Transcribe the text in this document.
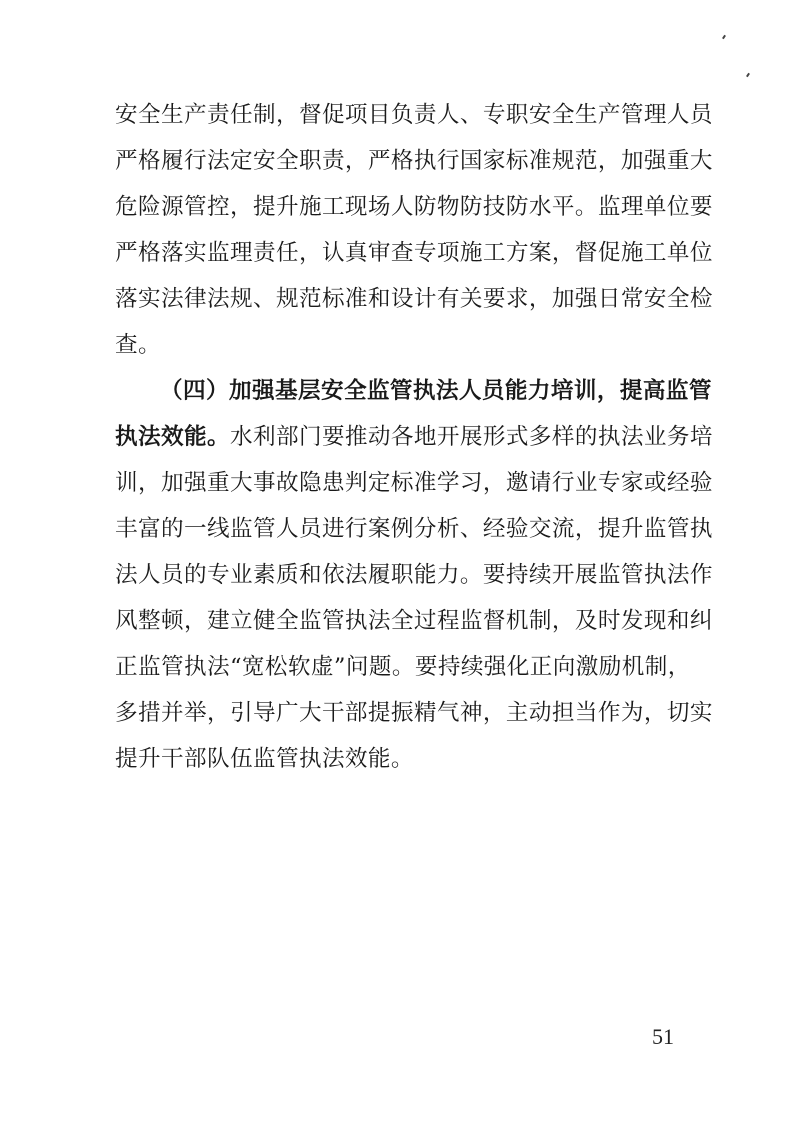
安全生产责任制，督促项目负责人、专职安全生产管理人员
严格履行法定安全职责，严格执行国家标准规范，加强重大
危险源管控，提升施工现场人防物防技防水平。监理单位要
严格落实监理责任，认真审查专项施工方案，督促施工单位
落实法律法规、规范标准和设计有关要求，加强日常安全检
查。
（四）加强基层安全监管执法人员能力培训，提高监管
执法效能。水利部门要推动各地开展形式多样的执法业务培
训，加强重大事故隐患判定标准学习，邀请行业专家或经验
丰富的一线监管人员进行案例分析、经验交流，提升监管执
法人员的专业素质和依法履职能力。要持续开展监管执法作
风整顿，建立健全监管执法全过程监督机制，及时发现和纠
正监管执法“宽松软虚”问题。要持续强化正向激励机制，
多措并举，引导广大干部提振精气神，主动担当作为，切实
提升干部队伍监管执法效能。
51
